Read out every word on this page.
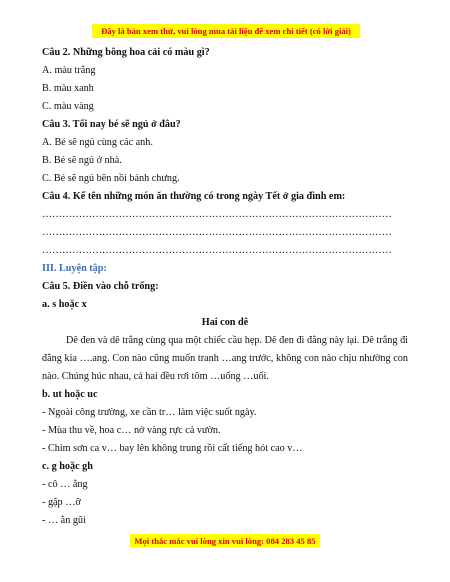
Đây là bản xem thử, vui lòng mua tài liệu để xem chi tiết (có lời giải)
Câu 2. Những bông hoa cải có màu gì?
A. màu trắng
B. màu xanh
C. màu vàng
Câu 3. Tối nay bé sẽ ngủ ở đâu?
A. Bé sẽ ngủ cùng các anh.
B. Bé sẽ ngủ ở nhà.
C. Bé sẽ ngủ bên nồi bánh chưng.
Câu 4. Kể tên những món ăn thường có trong ngày Tết ở gia đình em:
……………………………………………………………………………………………
……………………………………………………………………………………………
……………………………………………………………………………………………
III. Luyện tập:
Câu 5. Điền vào chỗ trống:
a. s hoặc x
Hai con dê
Dê đen và dê trắng cùng qua một chiếc cầu hẹp. Dê đen đi đằng này lại. Dê trắng đi đằng kia ….ang. Con nào cũng muốn tranh …ang trước, không con nào chịu nhường con nào. Chúng húc nhau, cả hai đều rơi tõm …uống …uối.
b. ut hoặc uc
- Ngoài công trường, xe cần tr… làm việc suốt ngày.
- Mùa thu về, hoa c… nở vàng rực cả vườn.
- Chim sơn ca v… bay lên không trung rồi cất tiếng hót cao v…
c. g hoặc gh
- cô … ẳng
- gặp …ỡ
- … ằn gũi
Mọi thắc mắc vui lòng xin vui lòng: 084 283 45 85
